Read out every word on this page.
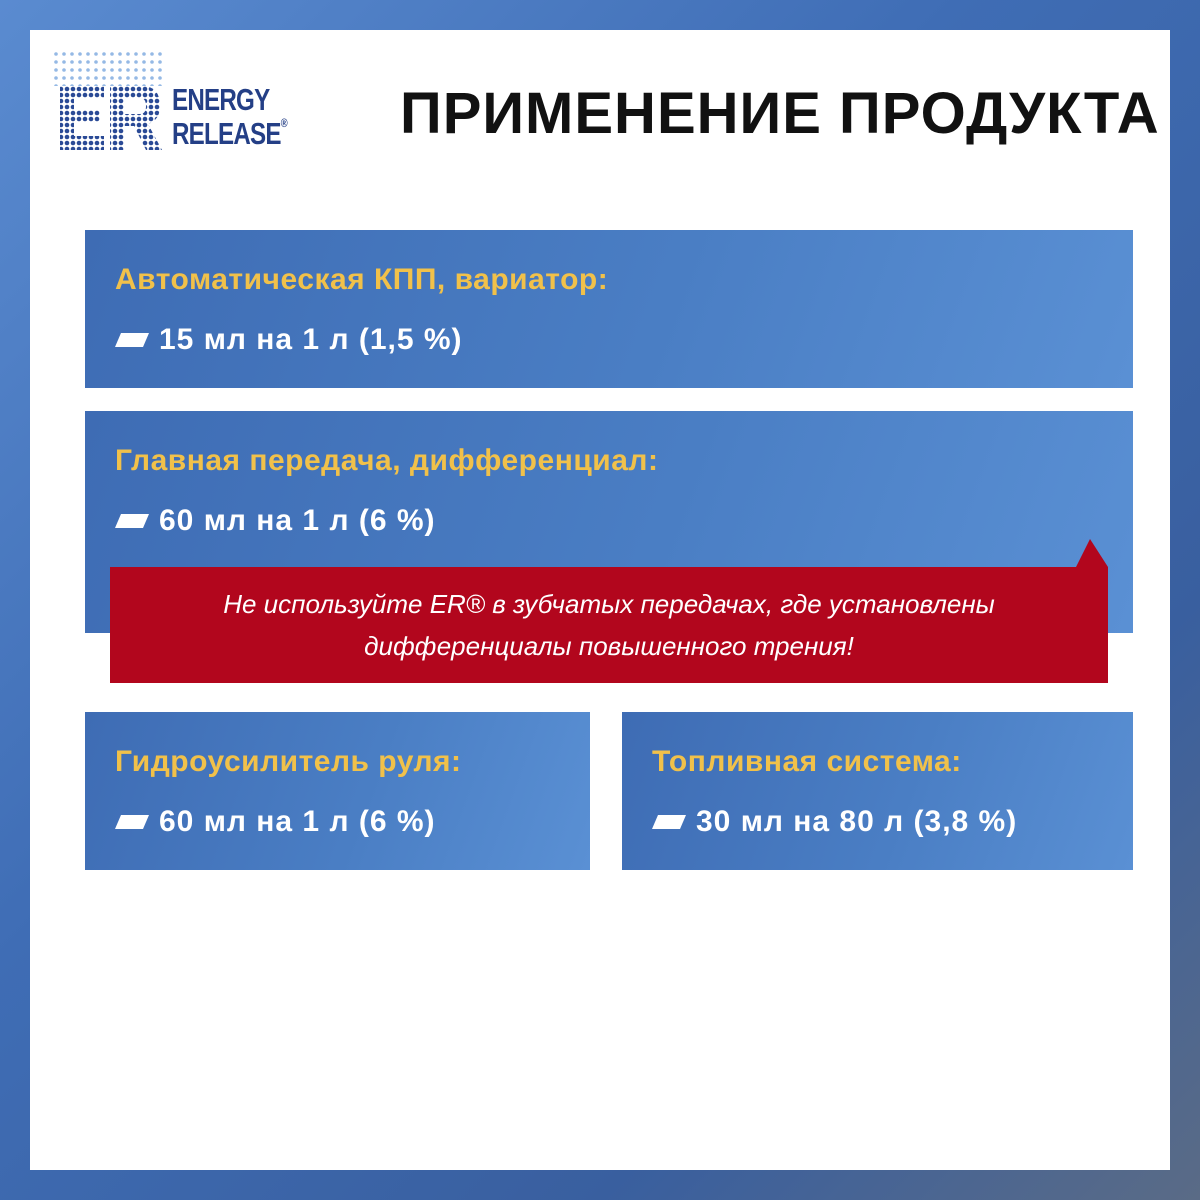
ENERGY
RELEASE® ПРИМЕНЕНИЕ ПРОДУКТА
Автоматическая КПП, вариатор:
15 мл на 1 л (1,5 %)
Главная передача, дифференциал:
60 мл на 1 л (6 %)
Не используйте ER® в зубчатых передачах, где установлены дифференциалы повышенного трения!
Гидроусилитель руля:
60 мл на 1 л (6 %)
Топливная система:
30 мл на 80 л (3,8 %)
